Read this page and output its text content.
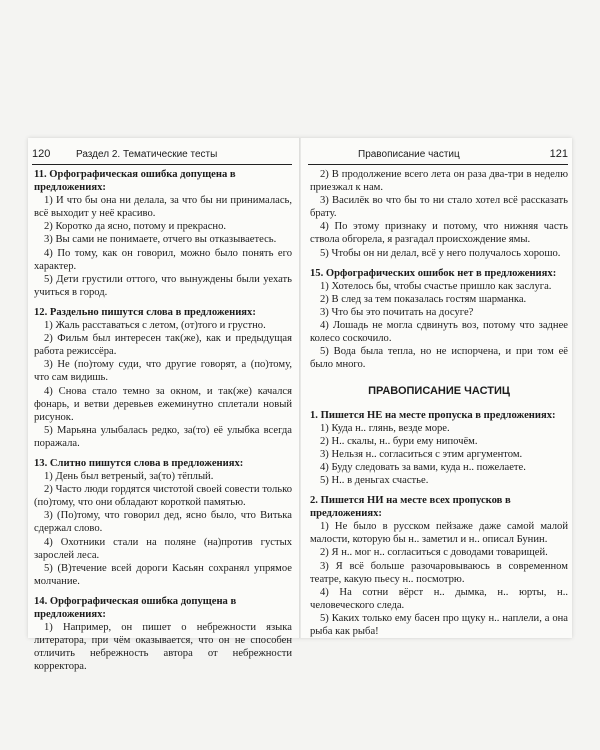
120	Раздел 2. Тематические тесты
11. Орфографическая ошибка допущена в предложениях:
1) И что бы она ни делала, за что бы ни принималась, всё выходит у неё красиво.
2) Коротко да ясно, потому и прекрасно.
3) Вы сами не понимаете, отчего вы отказываетесь.
4) По тому, как он говорил, можно было понять его характер.
5) Дети грустили оттого, что вынуждены были уехать учиться в город.
12. Раздельно пишутся слова в предложениях:
1) Жаль расставаться с летом, (от)того и грустно.
2) Фильм был интересен так(же), как и предыдущая работа режиссёра.
3) Не (по)тому суди, что другие говорят, а (по)тому, что сам видишь.
4) Снова стало темно за окном, и так(же) качался фонарь, и ветви деревьев ежеминутно сплетали новый рисунок.
5) Марьяна улыбалась редко, за(то) её улыбка всегда поражала.
13. Слитно пишутся слова в предложениях:
1) День был ветреный, за(то) тёплый.
2) Часто люди гордятся чистотой своей совести только (по)тому, что они обладают короткой памятью.
3) (По)тому, что говорил дед, ясно было, что Витька сдержал слово.
4) Охотники стали на поляне (на)против густых зарослей леса.
5) (В)течение всей дороги Касьян сохранял упрямое молчание.
14. Орфографическая ошибка допущена в предложениях:
1) Например, он пишет о небрежности языка литератора, при чём оказывается, что он не способен отличить небрежность автора от небрежности корректора.
Правописание частиц	121
2) В продолжение всего лета он раза два-три в неделю приезжал к нам.
3) Василёк во что бы то ни стало хотел всё рассказать брату.
4) По этому признаку и потому, что нижняя часть ствола обгорела, я разгадал происхождение ямы.
5) Чтобы он ни делал, всё у него получалось хорошо.
15. Орфографических ошибок нет в предложениях:
1) Хотелось бы, чтобы счастье пришло как заслуга.
2) В след за тем показалась гостям шарманка.
3) Что бы это почитать на досуге?
4) Лошадь не могла сдвинуть воз, потому что заднее колесо соскочило.
5) Вода была тепла, но не испорчена, и при том её было много.
ПРАВОПИСАНИЕ ЧАСТИЦ
1. Пишется НЕ на месте пропуска в предложениях:
1) Куда н.. глянь, везде море.
2) Н.. скалы, н.. бури ему нипочём.
3) Нельзя н.. согласиться с этим аргументом.
4) Буду следовать за вами, куда н.. пожелаете.
5) Н.. в деньгах счастье.
2. Пишется НИ на месте всех пропусков в предложениях:
1) Не было в русском пейзаже даже самой малой малости, которую бы н.. заметил и н.. описал Бунин.
2) Я н.. мог н.. согласиться с доводами товарищей.
3) Я всё больше разочаровываюсь в современном театре, какую пьесу н.. посмотрю.
4) На сотни вёрст н.. дымка, н.. юрты, н.. человеческого следа.
5) Каких только ему басен про щуку н.. наплели, а она рыба как рыба!
